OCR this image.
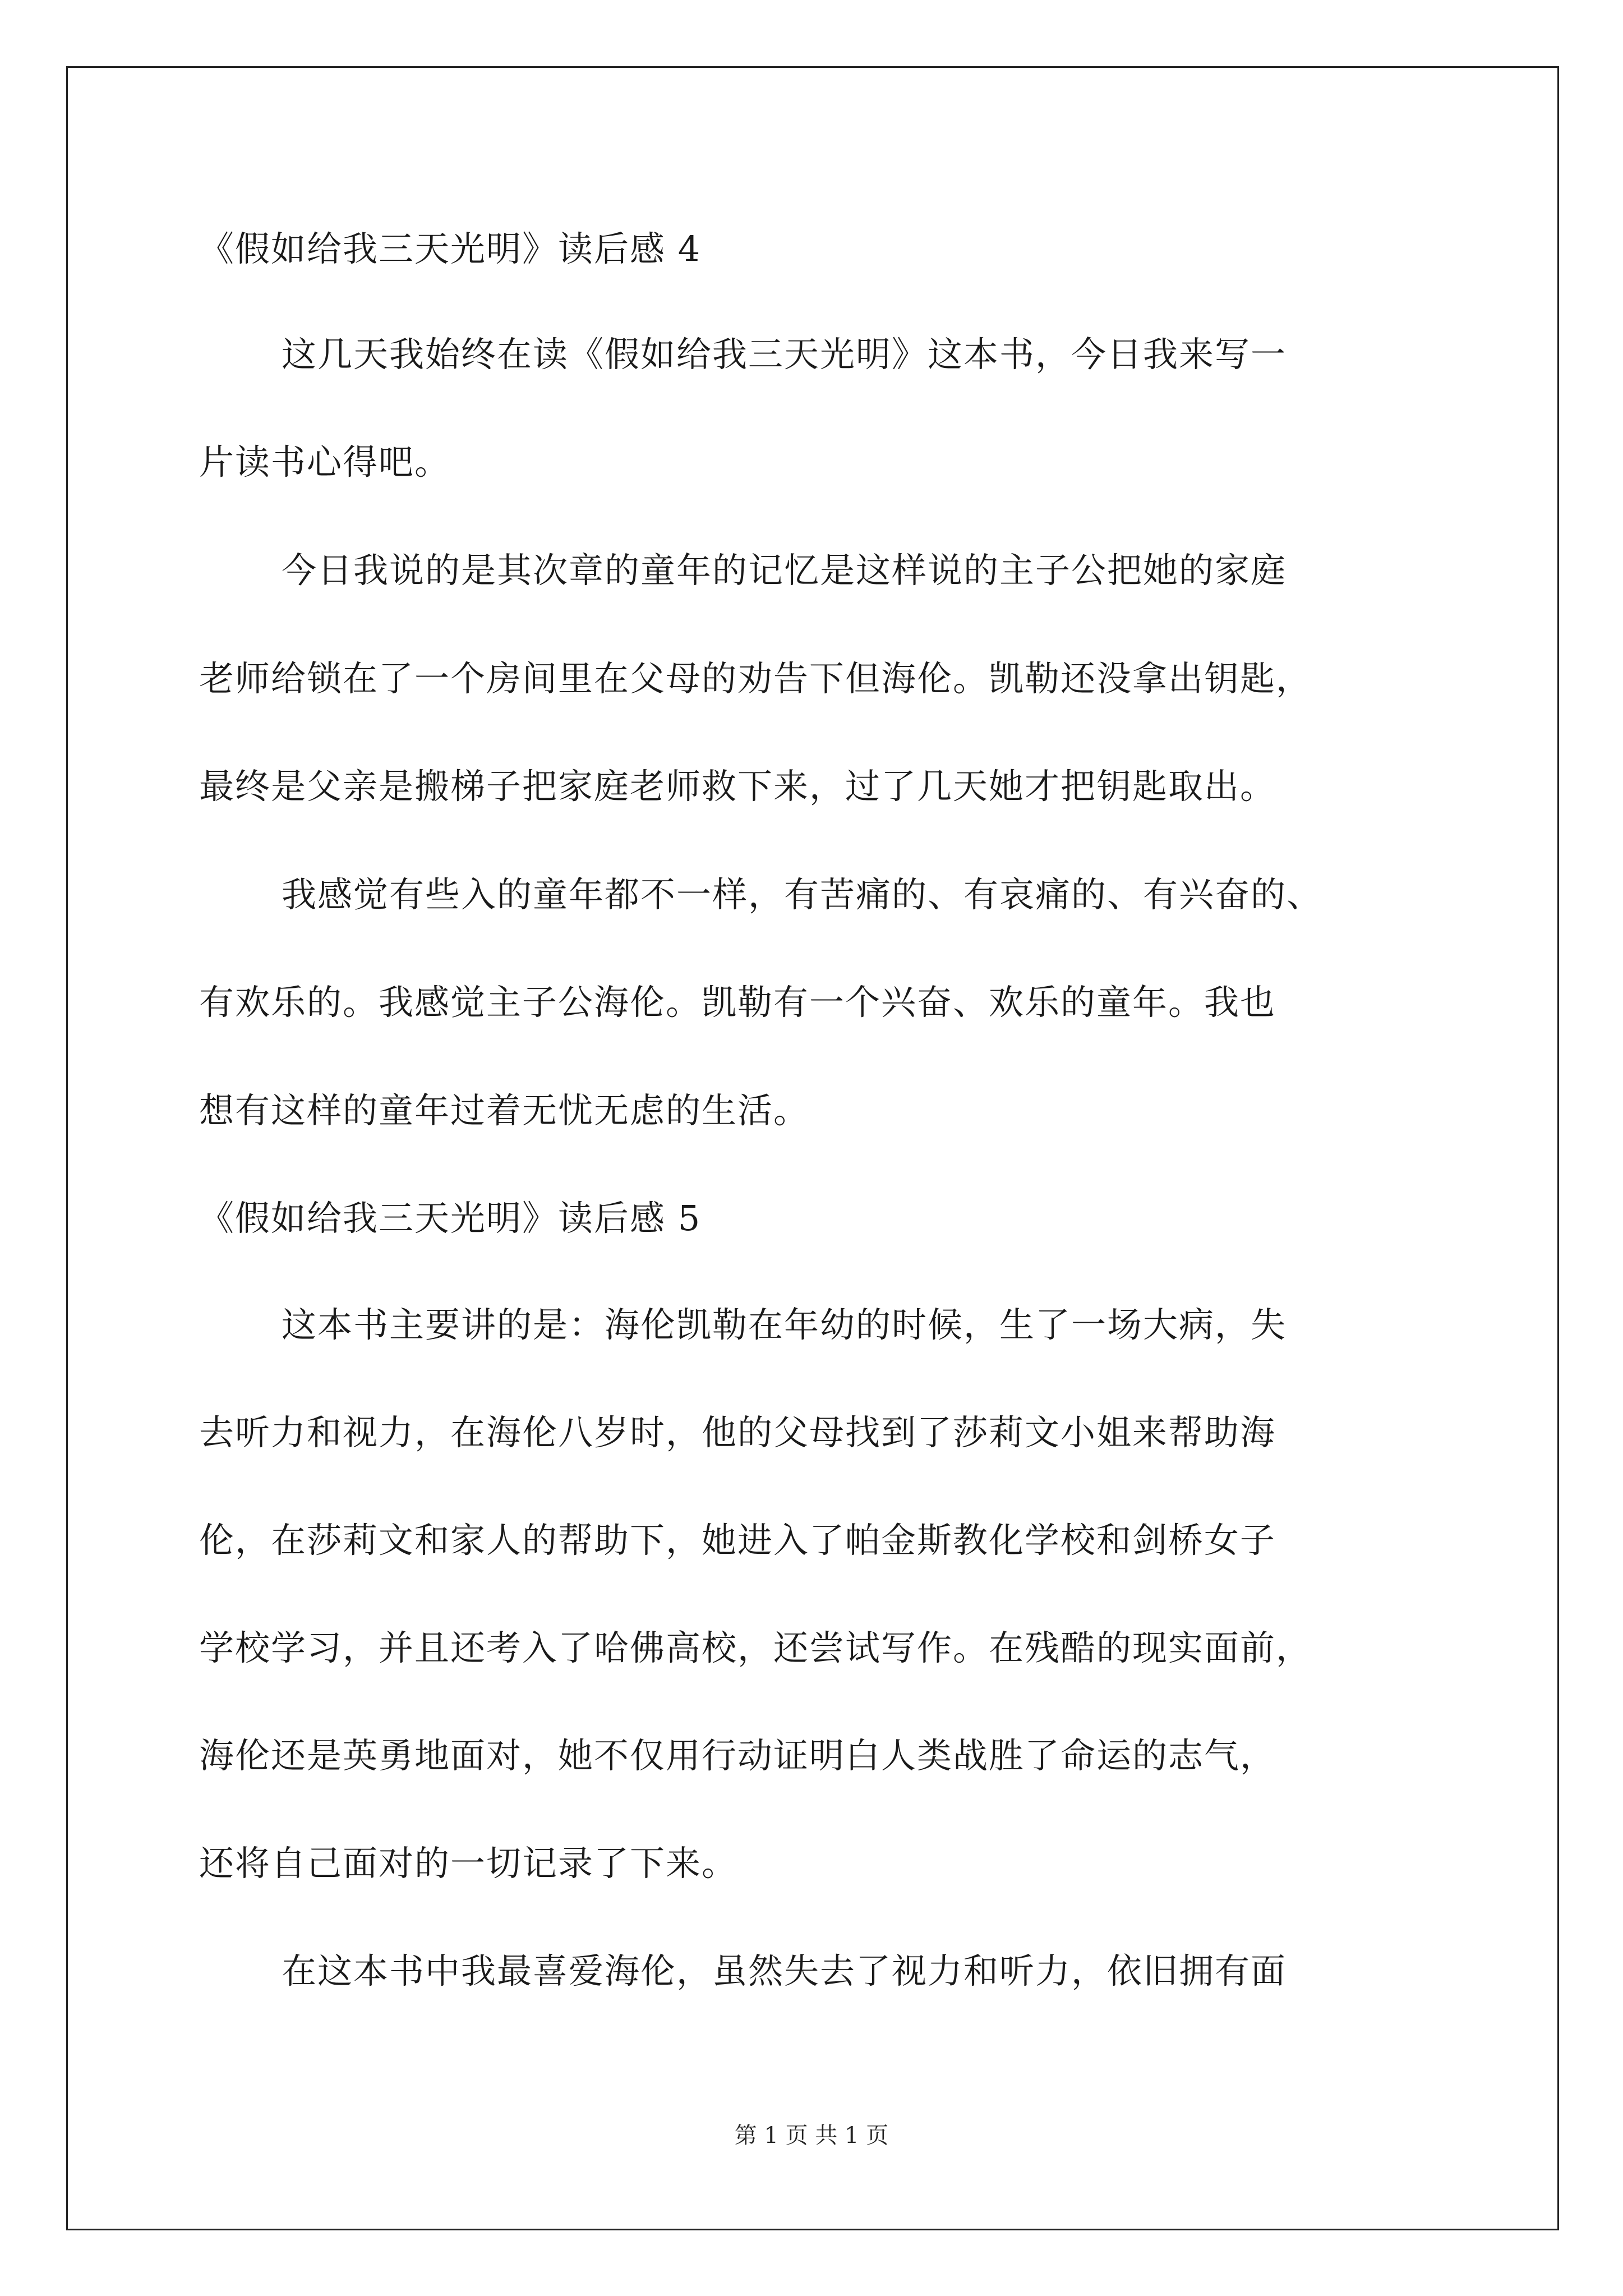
《假如给我三天光明》读后感 4
这几天我始终在读《假如给我三天光明》这本书，今日我来写一
片读书心得吧。
今日我说的是其次章的童年的记忆是这样说的主子公把她的家庭
老师给锁在了一个房间里在父母的劝告下但海伦。凯勒还没拿出钥匙，
最终是父亲是搬梯子把家庭老师救下来，过了几天她才把钥匙取出。
我感觉有些入的童年都不一样，有苦痛的、有哀痛的、有兴奋的、
有欢乐的。我感觉主子公海伦。凯勒有一个兴奋、欢乐的童年。我也
想有这样的童年过着无忧无虑的生活。
《假如给我三天光明》读后感 5
这本书主要讲的是：海伦凯勒在年幼的时候，生了一场大病，失
去听力和视力，在海伦八岁时，他的父母找到了莎莉文小姐来帮助海
伦，在莎莉文和家人的帮助下，她进入了帕金斯教化学校和剑桥女子
学校学习，并且还考入了哈佛高校，还尝试写作。在残酷的现实面前，
海伦还是英勇地面对，她不仅用行动证明白人类战胜了命运的志气，
还将自己面对的一切记录了下来。
在这本书中我最喜爱海伦，虽然失去了视力和听力，依旧拥有面
第 1 页 共 1 页
